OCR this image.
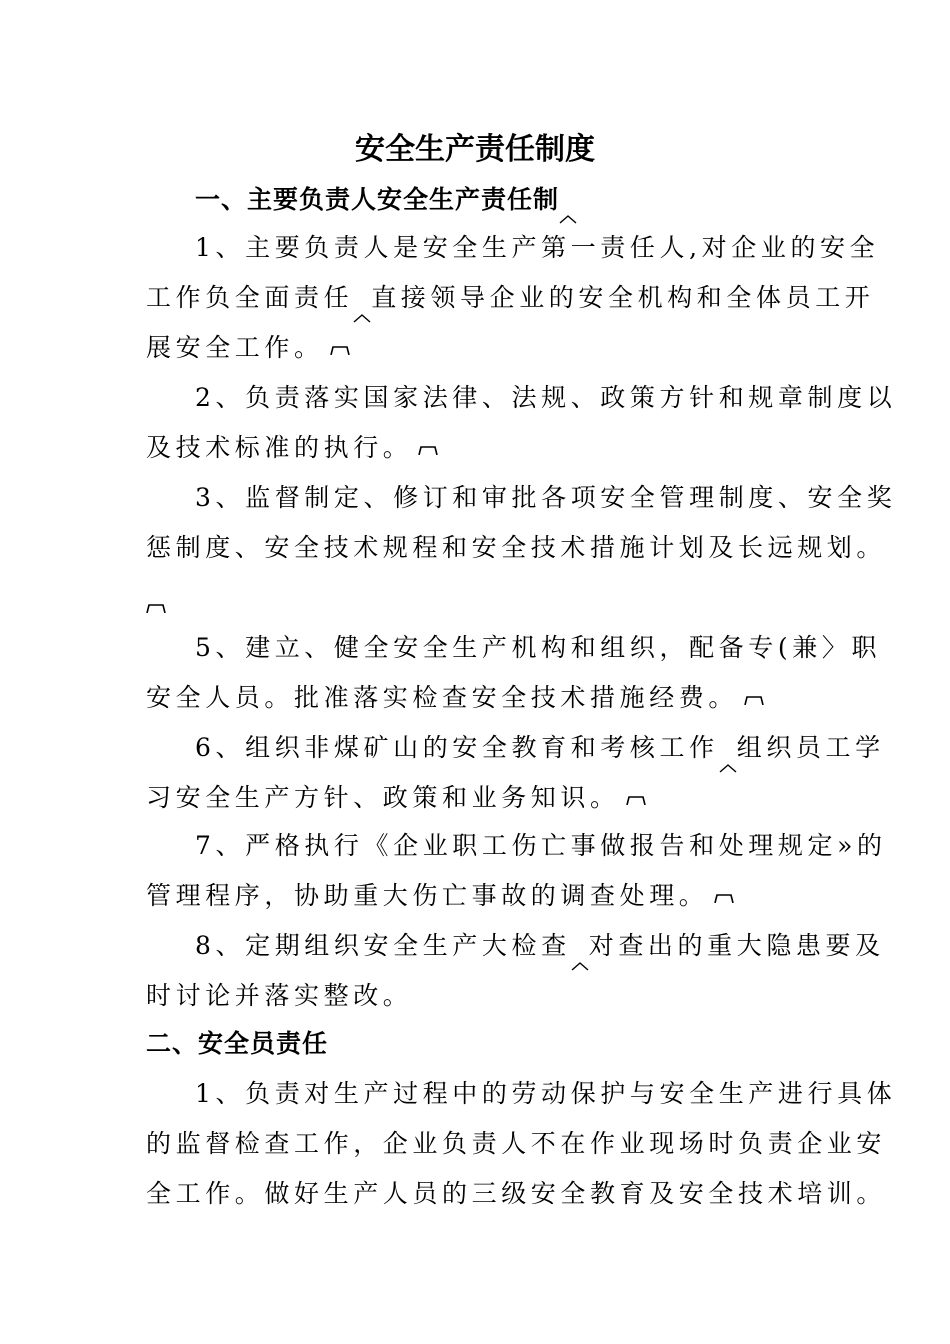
安全生产责任制度
一、主要负责人安全生产责任制
1、主要负责人是安全生产第一责任人,对企业的安全
工作负全面责任 直接领导企业的安全机构和全体员工开
展安全工作。
2、负责落实国家法律、法规、政策方针和规章制度以
及技术标准的执行。
3、监督制定、修订和审批各项安全管理制度、安全奖
惩制度、安全技术规程和安全技术措施计划及长远规划。
5、建立、健全安全生产机构和组织，配备专(兼〉职
安全人员。批准落实检查安全技术措施经费。
6、组织非煤矿山的安全教育和考核工作 组织员工学
习安全生产方针、政策和业务知识。
7、严格执行《企业职工伤亡事做报告和处理规定»的
管理程序，协助重大伤亡事故的调查处理。
8、定期组织安全生产大检查 对查出的重大隐患要及
时讨论并落实整改。
二、安全员责任
1、负责对生产过程中的劳动保护与安全生产进行具体
的监督检查工作，企业负责人不在作业现场时负责企业安
全工作。做好生产人员的三级安全教育及安全技术培训。
